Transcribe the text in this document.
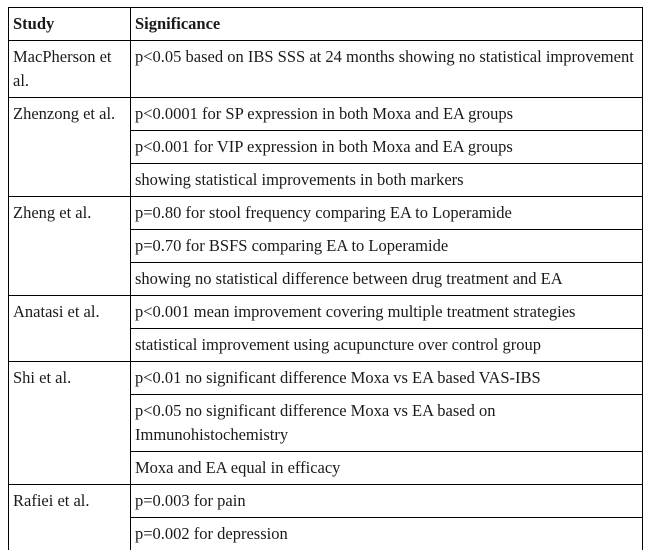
Study	Significance
MacPherson et al.	p<0.05 based on IBS SSS at 24 months showing no statistical improvement
Zhenzong et al.	p<0.0001 for SP expression in both Moxa and EA groups
	p<0.001 for VIP expression in both Moxa and EA groups
	showing statistical improvements in both markers
Zheng et al.	p=0.80 for stool frequency comparing EA to Loperamide
	p=0.70 for BSFS comparing EA to Loperamide
	showing no statistical difference between drug treatment and EA
Anatasi et al.	p<0.001 mean improvement covering multiple treatment strategies
	statistical improvement using acupuncture over control group
Shi et al.	p<0.01 no significant difference Moxa vs EA based VAS-IBS
	p<0.05 no significant difference Moxa vs EA based on Immunohistochemistry
	Moxa and EA equal in efficacy
Rafiei et al.	p=0.003 for pain
	p=0.002 for depression
